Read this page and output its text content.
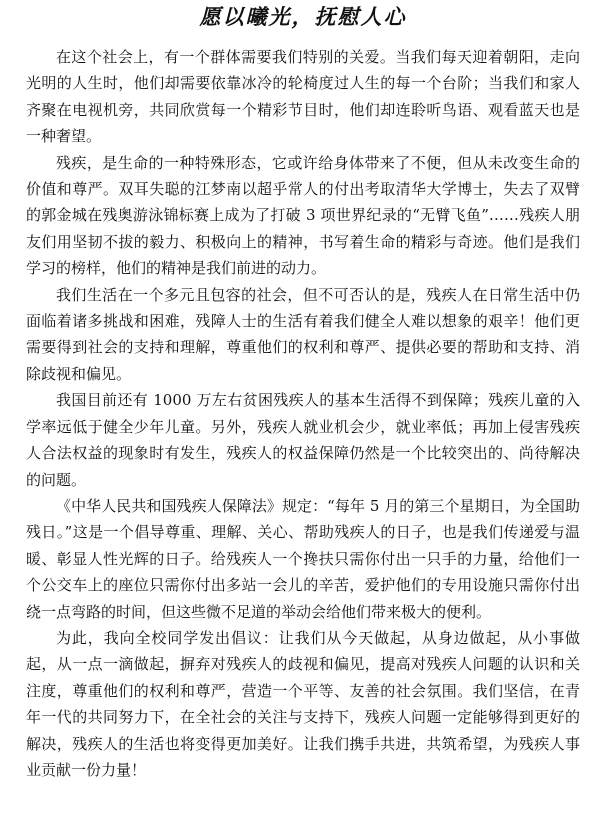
愿以曦光，抚慰人心

在这个社会上，有一个群体需要我们特别的关爱。当我们每天迎着朝阳，走向光明的人生时，他们却需要依靠冰冷的轮椅度过人生的每一个台阶；当我们和家人齐聚在电视机旁，共同欣赏每一个精彩节目时，他们却连聆听鸟语、观看蓝天也是一种奢望。

残疾，是生命的一种特殊形态，它或许给身体带来了不便，但从未改变生命的价值和尊严。双耳失聪的江梦南以超乎常人的付出考取清华大学博士，失去了双臂的郭金城在残奥游泳锦标赛上成为了打破 3 项世界纪录的“无臂飞鱼”……残疾人朋友们用坚韧不拔的毅力、积极向上的精神，书写着生命的精彩与奇迹。他们是我们学习的榜样，他们的精神是我们前进的动力。

我们生活在一个多元且包容的社会，但不可否认的是，残疾人在日常生活中仍面临着诸多挑战和困难，残障人士的生活有着我们健全人难以想象的艰辛！他们更需要得到社会的支持和理解，尊重他们的权利和尊严、提供必要的帮助和支持、消除歧视和偏见。

我国目前还有 1000 万左右贫困残疾人的基本生活得不到保障；残疾儿童的入学率远低于健全少年儿童。另外，残疾人就业机会少，就业率低；再加上侵害残疾人合法权益的现象时有发生，残疾人的权益保障仍然是一个比较突出的、尚待解决的问题。

《中华人民共和国残疾人保障法》规定：“每年 5 月的第三个星期日，为全国助残日。”这是一个倡导尊重、理解、关心、帮助残疾人的日子，也是我们传递爱与温暖、彰显人性光辉的日子。给残疾人一个搀扶只需你付出一只手的力量，给他们一个公交车上的座位只需你付出多站一会儿的辛苦，爱护他们的专用设施只需你付出绕一点弯路的时间，但这些微不足道的举动会给他们带来极大的便利。

为此，我向全校同学发出倡议：让我们从今天做起，从身边做起，从小事做起，从一点一滴做起，摒弃对残疾人的歧视和偏见，提高对残疾人问题的认识和关注度，尊重他们的权利和尊严，营造一个平等、友善的社会氛围。我们坚信，在青年一代的共同努力下，在全社会的关注与支持下，残疾人问题一定能够得到更好的解决，残疾人的生活也将变得更加美好。让我们携手共进，共筑希望，为残疾人事业贡献一份力量！
